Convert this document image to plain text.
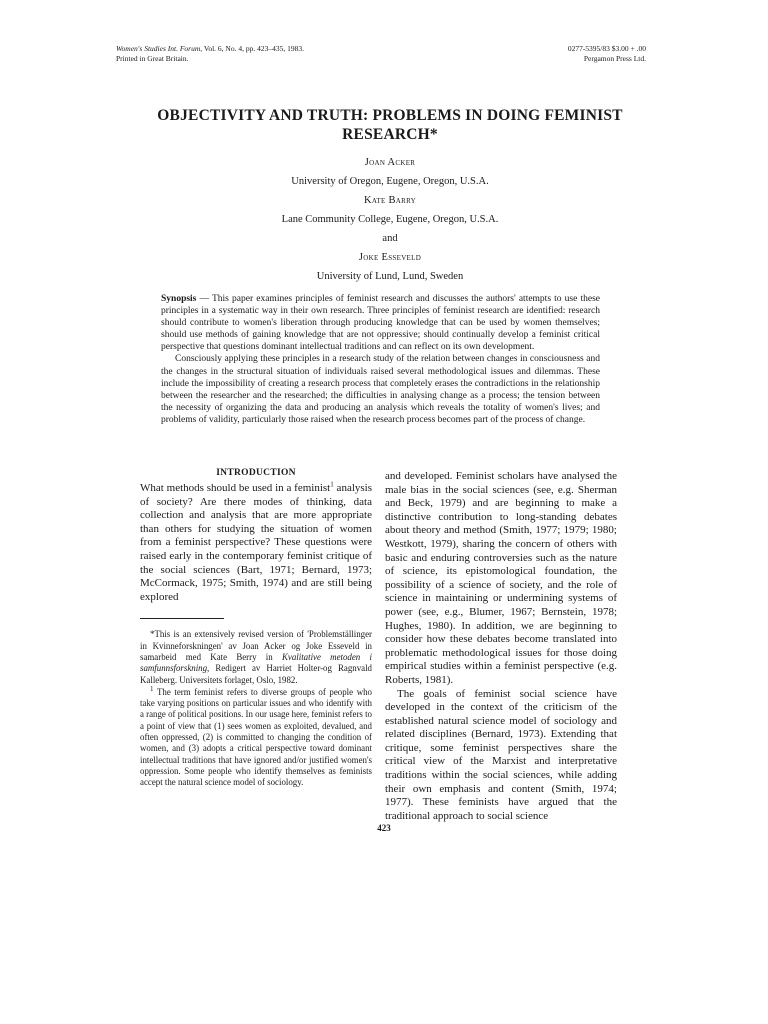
Women's Studies Int. Forum, Vol. 6, No. 4, pp. 423–435, 1983.
Printed in Great Britain.
0277-5395/83 $3.00 + .00
Pergamon Press Ltd.
OBJECTIVITY AND TRUTH: PROBLEMS IN DOING FEMINIST
RESEARCH*
Joan Acker
University of Oregon, Eugene, Oregon, U.S.A.
Kate Barry
Lane Community College, Eugene, Oregon, U.S.A.
and
Joke Esseveld
University of Lund, Lund, Sweden

Synopsis — This paper examines principles of feminist research and discusses the authors' attempts to use these principles in a systematic way in their own research. Three principles of feminist research are identified: research should contribute to women's liberation through producing knowledge that can be used by women themselves; should use methods of gaining knowledge that are not oppressive; should continually develop a feminist critical perspective that questions dominant intellectual traditions and can reflect on its own development.

Consciously applying these principles in a research study of the relation between changes in consciousness and the changes in the structural situation of individuals raised several methodological issues and dilemmas. These include the impossibility of creating a research process that completely erases the contradictions in the relationship between the researcher and the researched; the difficulties in analysing change as a process; the tension between the necessity of organizing the data and producing an analysis which reveals the totality of women's lives; and problems of validity, particularly those raised when the research process becomes part of the process of change.

INTRODUCTION

What methods should be used in a feminist$^1$ analysis of society? Are there modes of thinking, data collection and analysis that are more appropriate than others for studying the situation of women from a feminist perspective? These questions were raised early in the contemporary feminist critique of the social sciences (Bart, 1971; Bernard, 1973; McCormack, 1975; Smith, 1974) and are still being explored

*This is an extensively revised version of 'Problemställinger in Kvinneforskningen' av Joan Acker og Joke Esseveld in samarbeid med Kate Berry in Kvalitative metoden i samfunnsforskning, Redigert av Harriet Holter-og Ragnvald Kalleberg. Universitets forlaget, Oslo, 1982.

$^1$ The term feminist refers to diverse groups of people who take varying positions on particular issues and who identify with a range of political positions. In our usage here, feminist refers to a point of view that (1) sees women as exploited, devalued, and often oppressed, (2) is committed to changing the condition of women, and (3) adopts a critical perspective toward dominant intellectual traditions that have ignored and/or justified women's oppression. Some people who identify themselves as feminists accept the natural science model of sociology.

and developed. Feminist scholars have analysed the male bias in the social sciences (see, e.g. Sherman and Beck, 1979) and are beginning to make a distinctive contribution to long-standing debates about theory and method (Smith, 1977; 1979; 1980; Westkott, 1979), sharing the concern of others with basic and enduring controversies such as the nature of science, its epistomological foundation, the possibility of a science of society, and the role of science in maintaining or undermining systems of power (see, e.g., Blumer, 1967; Bernstein, 1978; Hughes, 1980). In addition, we are beginning to consider how these debates become translated into problematic methodological issues for those doing empirical studies within a feminist perspective (e.g. Roberts, 1981).

The goals of feminist social science have developed in the context of the criticism of the established natural science model of sociology and related disciplines (Bernard, 1973). Extending that critique, some feminist perspectives share the critical view of the Marxist and interpretative traditions within the social sciences, while adding their own emphasis and content (Smith, 1974; 1977). These feminists have argued that the traditional approach to social science

423
